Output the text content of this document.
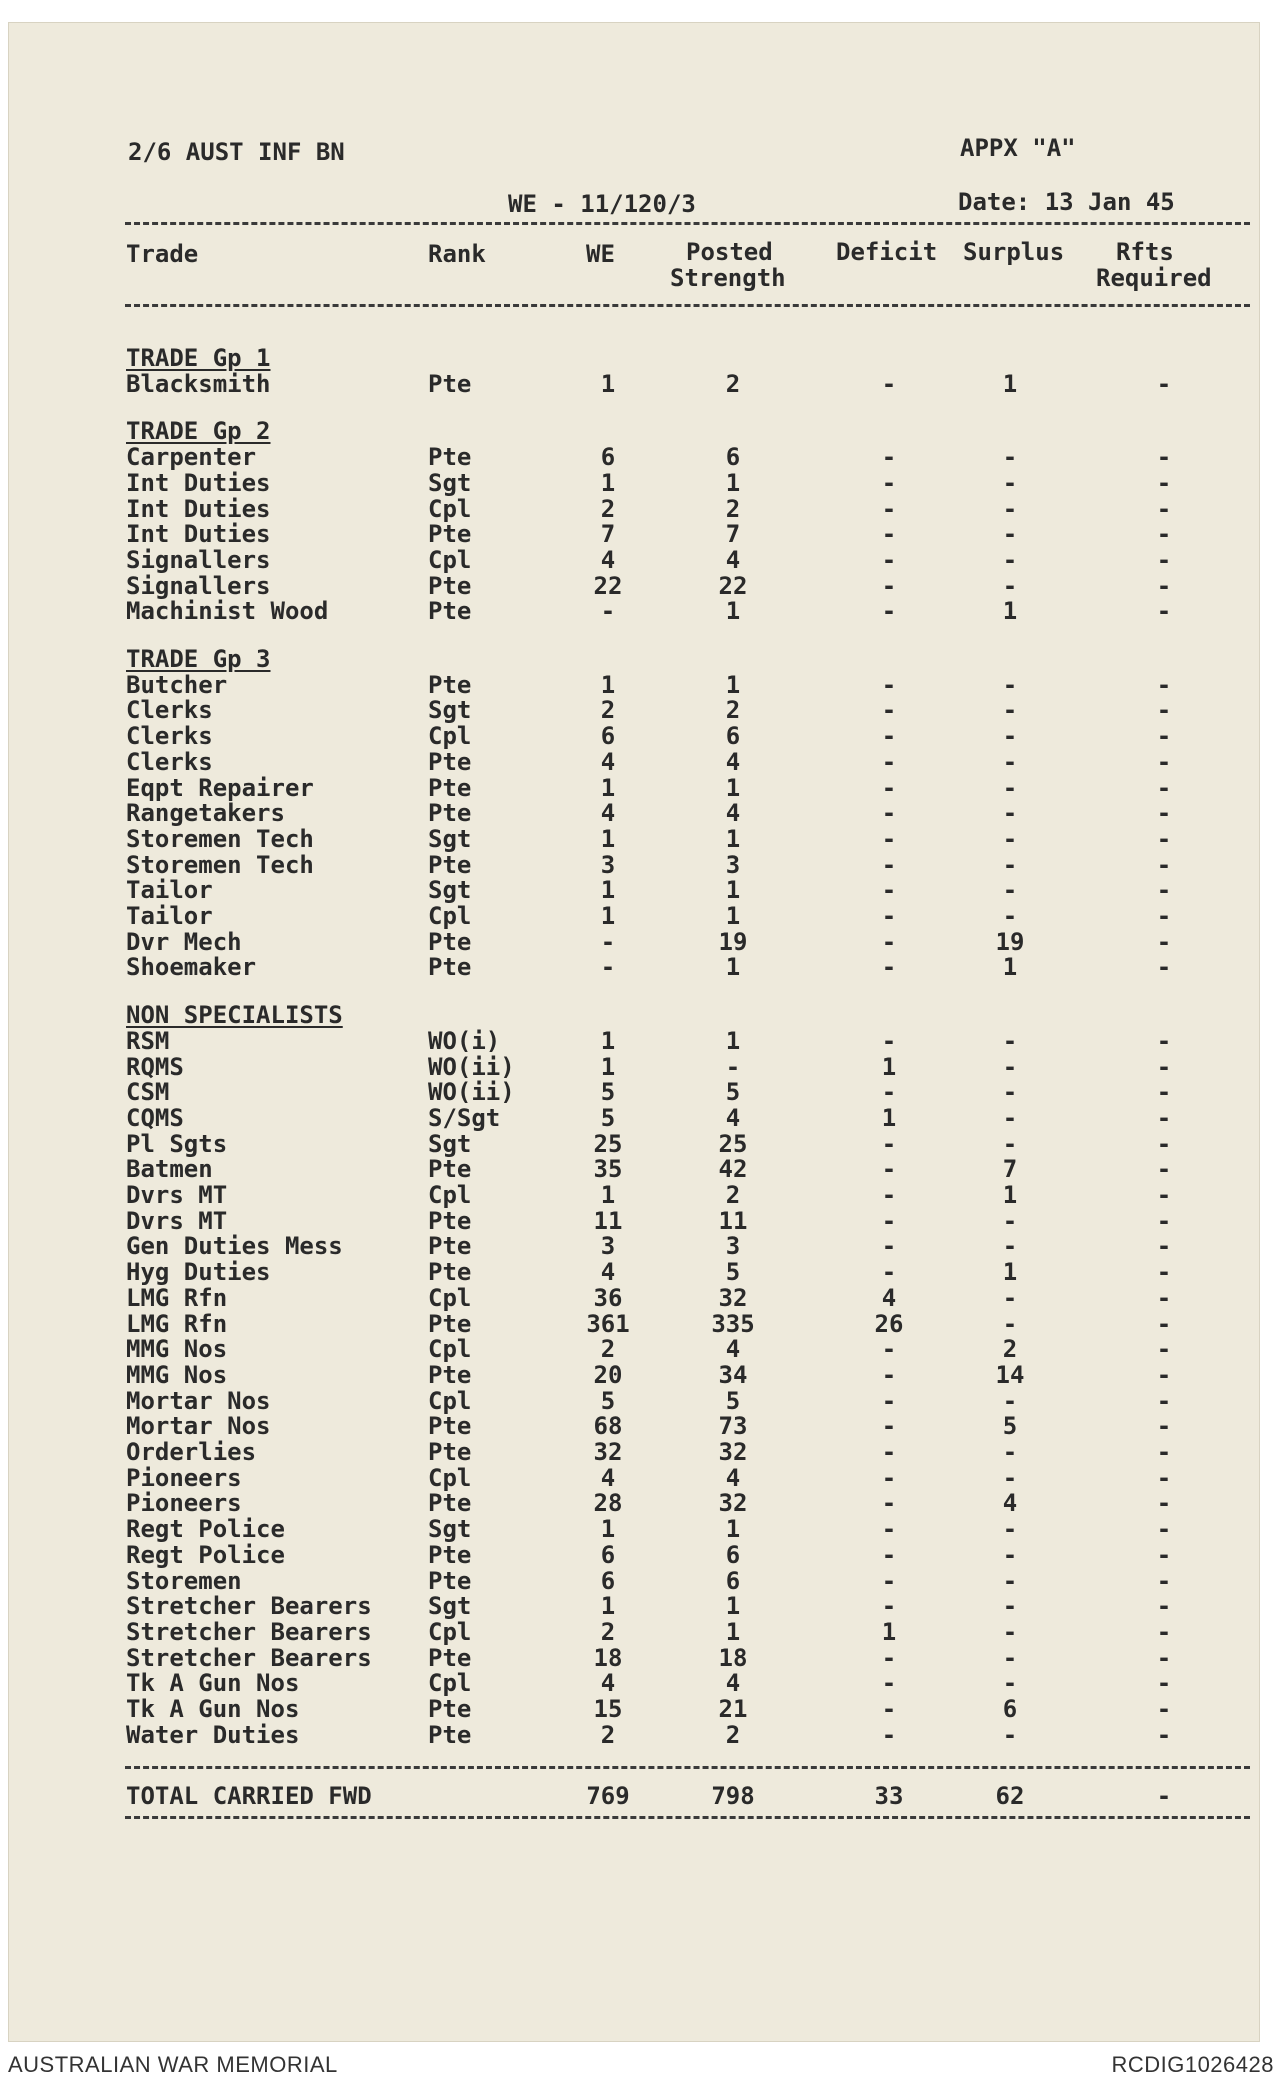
2/6 AUST INF BN	APPX "A"
WE - 11/120/3	Date: 13 Jan 45
Trade	Rank	WE	Posted
Strength
Deficit Surplus Rfts
Required
TRADE Gp 1
Blacksmith	Pte	1	2	-	1	-
TRADE Gp 2
Carpenter	Pte	6	6	-	-	-
Int Duties	Sgt	1	1	-	-	-
Int Duties	Cpl	2	2	-	-	-
Int Duties	Pte	7	7	-	-	-
Signallers	Cpl	4	4	-	-	-
Signallers	Pte	22	22	-	-	-
Machinist Wood	Pte	-	1	-	1	-
TRADE Gp 3
Butcher	Pte	1	1	-	-	-
Clerks	Sgt	2	2	-	-	-
Clerks	Cpl	6	6	-	-	-
Clerks	Pte	4	4	-	-	-
Eqpt Repairer	Pte	1	1	-	-	-
Rangetakers	Pte	4	4	-	-	-
Storemen Tech	Sgt	1	1	-	-	-
Storemen Tech	Pte	3	3	-	-	-
Tailor	Sgt	1	1	-	-	-
Tailor	Cpl	1	1	-	-	-
Dvr Mech	Pte	-	19	-	19	-
Shoemaker	Pte	-	1	-	1	-
NON SPECIALISTS
RSM	WO(i)	1	1	-	-	-
RQMS	WO(ii)	1	-	1	-	-
CSM	WO(ii)	5	5	-	-	-
CQMS	S/Sgt	5	4	1	-	-
Pl Sgts	Sgt	25	25	-	-	-
Batmen	Pte	35	42	-	7	-
Dvrs MT	Cpl	1	2	-	1	-
Dvrs MT	Pte	11	11	-	-	-
Gen Duties Mess	Pte	3	3	-	-	-
Hyg Duties	Pte	4	5	-	1	-
LMG Rfn	Cpl	36	32	4	-	-
LMG Rfn	Pte	361	335	26	-	-
MMG Nos	Cpl	2	4	-	2	-
MMG Nos	Pte	20	34	-	14	-
Mortar Nos	Cpl	5	5	-	-	-
Mortar Nos	Pte	68	73	-	5	-
Orderlies	Pte	32	32	-	-	-
Pioneers	Cpl	4	4	-	-	-
Pioneers	Pte	28	32	-	4	-
Regt Police	Sgt	1	1	-	-	-
Regt Police	Pte	6	6	-	-	-
Storemen	Pte	6	6	-	-	-
Stretcher Bearers Sgt	1	1	-	-	-
Stretcher Bearers Cpl	2	1	1	-	-
Stretcher Bearers Pte	18	18	-	-	-
Tk A Gun Nos	Cpl	4	4	-	-	-
Tk A Gun Nos	Pte	15	21	-	6	-
Water Duties	Pte	2	2	-	-	-
TOTAL CARRIED FWD	769	798	33	62	-
AUSTRALIAN WAR MEMORIAL	RCDIG1026428
